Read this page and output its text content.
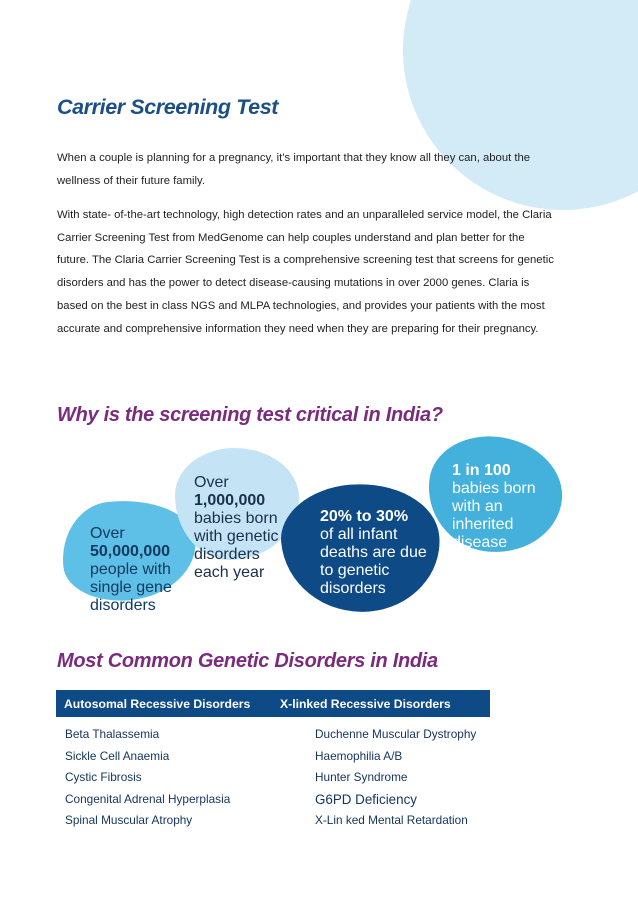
Carrier Screening Test

When a couple is planning for a pregnancy, it’s important that they know all they can, about the wellness of their future family.

With state- of-the-art technology, high detection rates and an unparalleled service model, the Claria Carrier Screening Test from MedGenome can help couples understand and plan better for the future. The Claria Carrier Screening Test is a comprehensive screening test that screens for genetic disorders and has the power to detect disease-causing mutations in over 2000 genes. Claria is based on the best in class NGS and MLPA technologies, and provides your patients with the most accurate and comprehensive information they need when they are preparing for their pregnancy.

Why is the screening test critical in India?
Over 50,000,000
people with single gene disorders
Over 1,000,000
babies born with genetic disorders each year
20% to 30%
of all infant deaths are due to genetic disorders
1 in 100
babies born with an inherited disease
Most Common Genetic Disorders in India
Autosomal Recessive Disorders X-linked Recessive Disorders
Beta Thalassemia
Sickle Cell Anaemia
Cystic Fibrosis
Congenital Adrenal Hyperplasia
Spinal Muscular Atrophy
Duchenne Muscular Dystrophy
Haemophilia A/B
Hunter Syndrome
G6PD Deficiency
X-Lin ked Mental Retardation
